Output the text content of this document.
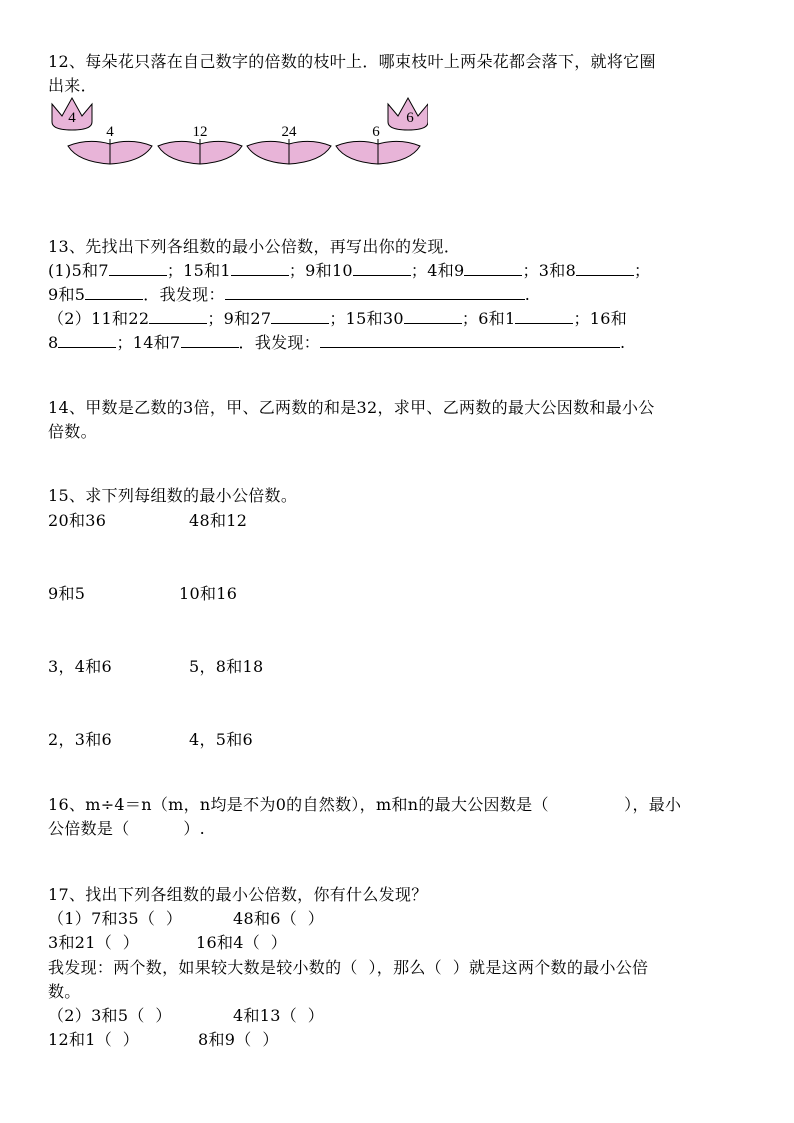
12、每朵花只落在自己数字的倍数的枝叶上．哪束枝叶上两朵花都会落下，就将它圈
出来．
4	6
4	12	24	6
13、先找出下列各组数的最小公倍数，再写出你的发现．
(1)5和7	；15和1	；9和10	；4和9	；3和8	；
9和5	．我发现：	.
（2）11和22	；9和27	；15和30	；6和1	；16和
8	；14和7	．我发现：	.
14、甲数是乙数的3倍，甲、乙两数的和是32，求甲、乙两数的最大公因数和最小公
倍数。
15、求下列每组数的最小公倍数。
20和36	48和12
9和5	10和16
3，4和6	5，8和18
2，3和6	4，5和6
16、m÷4＝n（m，n均是不为0的自然数），m和n的最大公因数是（              ），最小
公倍数是（          ）.
17、找出下列各组数的最小公倍数，你有什么发现？
（1）7和35（  ）	48和6（  ）
3和21（  ）	16和4（  ）
我发现：两个数，如果较大数是较小数的（  ），那么（  ）就是这两个数的最小公倍
数。
（2）3和5（  ）	4和13（  ）
12和1（  ）	8和9（  ）
